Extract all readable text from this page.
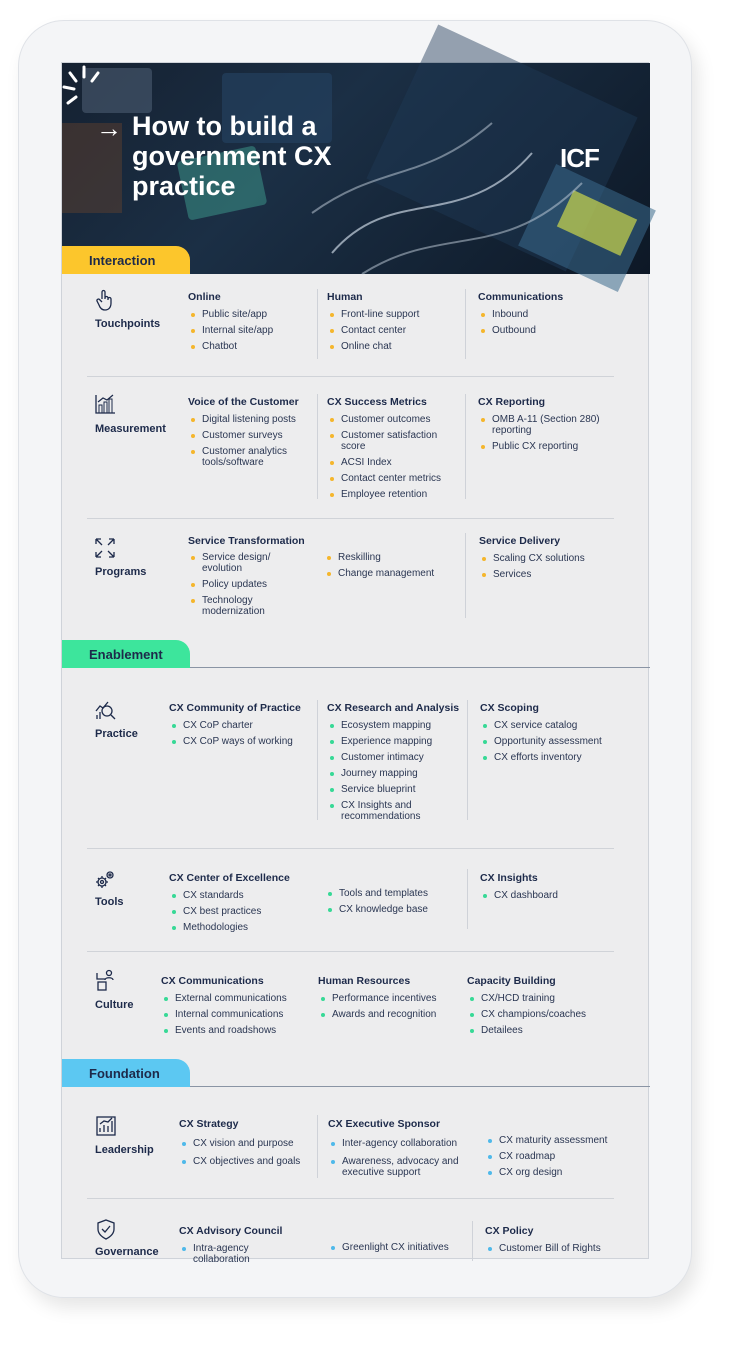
→ How to build a government CX practice
ICF
Interaction
Touchpoints
Online
Public site/app
Internal site/app
Chatbot
Human
Front-line support
Contact center
Online chat
Communications
Inbound
Outbound
Measurement
Voice of the Customer
Digital listening posts
Customer surveys
Customer analytics tools/software
CX Success Metrics
Customer outcomes
Customer satisfaction score
ACSI Index
Contact center metrics
Employee retention
CX Reporting
OMB A-11 (Section 280) reporting
Public CX reporting
Programs
Service Transformation
Service design/ evolution
Policy updates
Technology modernization
Reskilling
Change management
Service Delivery
Scaling CX solutions
Services
Enablement
Practice
CX Community of Practice
CX CoP charter
CX CoP ways of working
CX Research and Analysis
Ecosystem mapping
Experience mapping
Customer intimacy
Journey mapping
Service blueprint
CX Insights and recommendations
CX Scoping
CX service catalog
Opportunity assessment
CX efforts inventory
Tools
CX Center of Excellence
CX standards
CX best practices
Methodologies
Tools and templates
CX knowledge base
CX Insights
CX dashboard
Culture
CX Communications
External communications
Internal communications
Events and roadshows
Human Resources
Performance incentives
Awards and recognition
Capacity Building
CX/HCD training
CX champions/coaches
Detailees
Foundation
Leadership
CX Strategy
CX vision and purpose
CX objectives and goals
CX Executive Sponsor
Inter-agency collaboration
Awareness, advocacy and executive support
CX maturity assessment
CX roadmap
CX org design
Governance
CX Advisory Council
Intra-agency collaboration
Greenlight CX initiatives
CX Policy
Customer Bill of Rights
